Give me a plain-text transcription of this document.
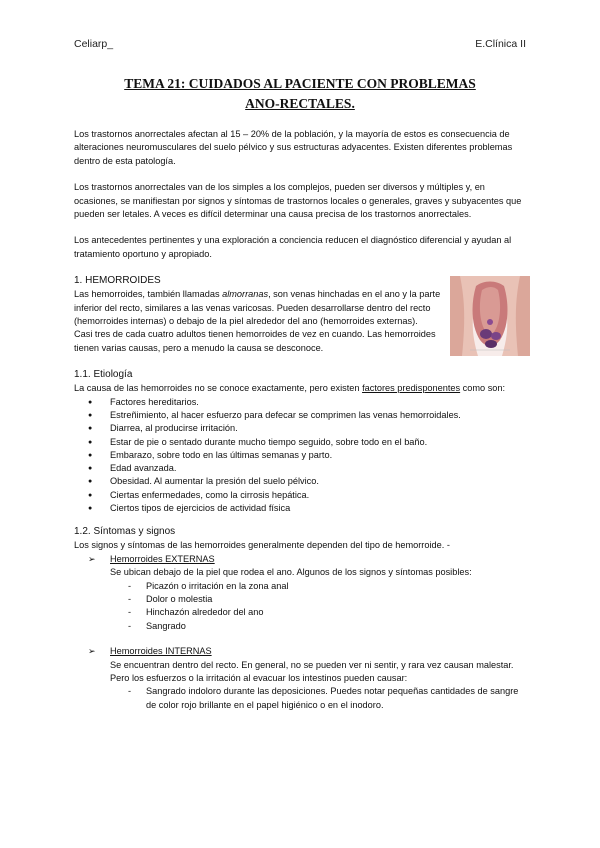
Celiarp_	E.Clínica II
TEMA 21: CUIDADOS AL PACIENTE CON PROBLEMAS
ANO-RECTALES.

Los trastornos anorrectales afectan al 15 – 20% de la población, y la mayoría de estos es consecuencia de alteraciones neuromusculares del suelo pélvico y sus estructuras adyacentes. Existen diferentes problemas dentro de esta patología.

Los trastornos anorrectales van de los simples a los complejos, pueden ser diversos y múltiples y, en ocasiones, se manifiestan por signos y síntomas de trastornos locales o generales, graves y subyacentes que pueden ser letales. A veces es difícil determinar una causa precisa de los trastornos anorrectales.

Los antecedentes pertinentes y una exploración a conciencia reducen el diagnóstico diferencial y ayudan al tratamiento oportuno y apropiado.

1. HEMORROIDES

Las hemorroides, también llamadas almorranas, son venas hinchadas en el ano y la parte inferior del recto, similares a las venas varicosas. Pueden desarrollarse dentro del recto (hemorroides internas) o debajo de la piel alrededor del ano (hemorroides externas).

Casi tres de cada cuatro adultos tienen hemorroides de vez en cuando. Las hemorroides tienen varias causas, pero a menudo la causa se desconoce.

1.1. Etiología

La causa de las hemorroides no se conoce exactamente, pero existen factores predisponentes como son:

● Factores hereditarios.
● Estreñimiento, al hacer esfuerzo para defecar se comprimen las venas hemorroidales.
● Diarrea, al producirse irritación.
● Estar de pie o sentado durante mucho tiempo seguido, sobre todo en el baño.
● Embarazo, sobre todo en las últimas semanas y parto.
● Edad avanzada.
● Obesidad. Al aumentar la presión del suelo pélvico.
● Ciertas enfermedades, como la cirrosis hepática.
● Ciertos tipos de ejercicios de actividad física
1.2. Síntomas y signos

Los signos y síntomas de las hemorroides generalmente dependen del tipo de hemorroide. -

➢ Hemorroides EXTERNAS
Se ubican debajo de la piel que rodea el ano. Algunos de los signos y síntomas posibles:
- Picazón o irritación en la zona anal
- Dolor o molestia
- Hinchazón alrededor del ano
- Sangrado
➢ Hemorroides INTERNAS
Se encuentran dentro del recto. En general, no se pueden ver ni sentir, y rara vez causan malestar. Pero los esfuerzos o la irritación al evacuar los intestinos pueden causar:
- Sangrado indoloro durante las deposiciones. Puedes notar pequeñas cantidades de sangre de color rojo brillante en el papel higiénico o en el inodoro.
